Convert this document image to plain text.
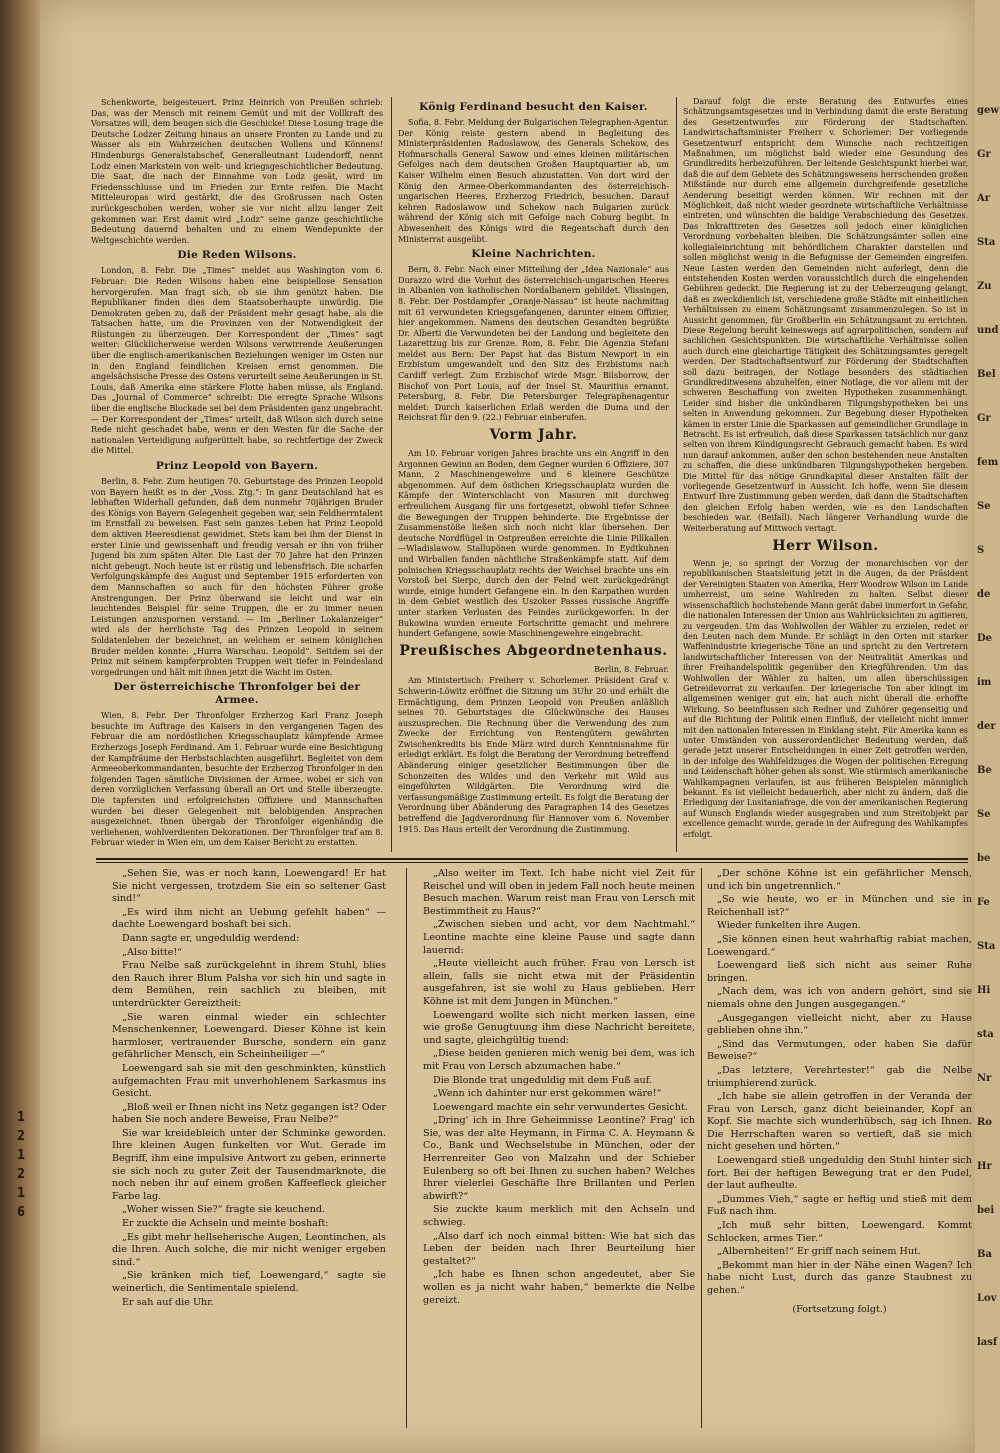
1
2
1
2
1
6

Schenkworte, beigesteuert. Prinz Heinrich von Preußen schrieb: Das, was der Mensch mit reinem Gemüt und mit der Vollkraft des Vorsatzes will, dem beugen sich die Geschicke! Diese Losung trage die Deutsche Lodzer Zeitung hinaus an unsere Fronten zu Lande und zu Wasser als ein Wahrzeichen deutschen Wollens und Könnens! Hindenburgs Generalstabschef, Generalleutnant Ludendorff, nennt Lodz einen Markstein von welt- und kriegsgeschichtlicher Bedeutung. Die Saat, die nach der Einnahme von Lodz gesät, wird im Friedensschlusse und im Frieden zur Ernte reifen. Die Macht Mitteleuropas wird gestärkt, die des Großrussen nach Osten zurückgeschoben werden, woher sie vor nicht allzu langer Zeit gekommen war. Erst damit wird „Lodz“ seine ganze geschichtliche Bedeutung dauernd behalten und zu einem Wendepunkte der Weltgeschichte werden.

Die Reden Wilsons.

London, 8. Febr. Die „Times“ meldet aus Washington vom 6. Februar: Die Reden Wilsons haben eine beispiellose Sensation hervorgerufen. Man fragt sich, ob sie ihm genützt haben. Die Republikaner finden dies dem Staatsoberhaupte unwürdig. Die Demokraten geben zu, daß der Präsident mehr gesagt habe, als die Tatsachen hatte, um die Provinzen von der Notwendigkeit der Rüstungen zu überzeugen. Der Korrespondent der „Times“ sagt weiter: Glücklicherweise werden Wilsons verwirrende Aeußerungen über die englisch-amerikanischen Beziehungen weniger im Osten nur in den England feindlichen Kreisen ernst genommen. Die angelsächsische Presse des Ostens verurteilt seine Aeußerungen in St. Louis, daß Amerika eine stärkere Flotte haben müsse, als England. Das „Journal of Commerce“ schreibt: Die erregte Sprache Wilsons über die englische Blockade sei bei dem Präsidenten ganz ungebracht. — Der Korrespondent der „Times“ urteilt, daß Wilson sich durch seine Rede nicht geschadet habe, wenn er den Westen für die Sache der nationalen Verteidigung aufgerüttelt habe, so rechtfertige der Zweck die Mittel.

Prinz Leopold von Bayern.

Berlin, 8. Febr. Zum heutigen 70. Geburtstage des Prinzen Leopold von Bayern heißt es in der „Voss. Ztg.“: In ganz Deutschland hat es lebhaften Widerhall gefunden, daß dem nunmehr 70jährigen Bruder des Königs von Bayern Gelegenheit gegeben war, sein Feldherrntalent im Ernstfall zu beweisen. Fast sein ganzes Leben hat Prinz Leopold dem aktiven Heeresdienst gewidmet. Stets kam bei ihm der Dienst in erster Linie und gewissenhaft und freudig versah er ihn von früher Jugend bis zum späten Alter. Die Last der 70 Jahre hat den Prinzen nicht gebeugt. Noch heute ist er rüstig und lebensfrisch. Die scharfen Verfolgungskämpfe des August und September 1915 erforderten von dem Mannschaften so auch für den höchsten Führer große Anstrengungen. Der Prinz überwand sie leicht und war ein leuchtendes Beispiel für seine Truppen, die er zu immer neuen Leistungen anzuspornen verstand. — Im „Berliner Lokalanzeiger“ wird als der herrlichste Tag des Prinzen Leopold in seinem Soldatenleben der bezeichnet, an welchem er seinem königlichen Bruder melden konnte: „Hurra Warschau. Leopold“. Seitdem sei der Prinz mit seinem kampferprobten Truppen weit tiefer in Feindesland vorgedrungen und hält mit ihnen jetzt die Wacht im Osten.

Der österreichische Thronfolger bei der Armee.

Wien, 8. Febr. Der Thronfolger Erzherzog Karl Franz Joseph besuchte im Auftrage des Kaisers in den vergangenen Tagen des Februar die am nordöstlichen Kriegsschauplatz kämpfende Armee Erzherzogs Joseph Ferdinand. Am 1. Februar wurde eine Besichtigung der Kampfräume der Herbstschlachten ausgeführt. Begleitet von dem Armeeoberkommandanten, besuchte der Erzherzog Thronfolger in den folgenden Tagen sämtliche Divisionen der Armee, wobei er sich von deren vorzüglichen Verfassung überall an Ort und Stelle überzeugte. Die tapfersten und erfolgreichsten Offiziere und Mannschaften wurden bei dieser Gelegenheit mit belobigenden Ansprachen ausgezeichnet. Ihnen übergab der Thronfolger eigenhändig die verliehenen, wohlverdienten Dekorationen. Der Thronfolger traf am 8. Februar wieder in Wien ein, um dem Kaiser Bericht zu erstatten.

König Ferdinand besucht den Kaiser.

Sofia, 8. Febr. Meldung der Bulgarischen Telegraphen-Agentur. Der König reiste gestern abend in Begleitung des Ministerpräsidenten Radoslawow, des Generals Schekow, des Hofmarschalls General Sawow und eines kleinen militärischen Gefolges nach dem deutschen Großen Hauptquartier ab, um Kaiser Wilhelm einen Besuch abzustatten. Von dort wird der König den Armee-Oberkommandanten des österreichisch-ungarischen Heeres, Erzherzog Friedrich, besuchen. Darauf kehren Radoslawow und Schekow nach Bulgarien zurück während der König sich mit Gefolge nach Coburg begibt. In Abwesenheit des Königs wird die Regentschaft durch den Ministerrat ausgeübt.

Kleine Nachrichten.

Bern, 8. Febr. Nach einer Mitteilung der „Idea Nazionale“ aus Durazzo wird die Vorhut des österreichisch-ungarischen Heeres in Albanien von katholischen Nordalbanern gebildet. Vlissingen, 8. Febr. Der Postdampfer „Oranje-Nassau“ ist heute nachmittag mit 61 verwundeten Kriegsgefangenen, darunter einem Offizier, hier angekommen. Namens des deutschen Gesandten begrüßte Dr. Alberti die Verwundeten bei der Landung und begleitete den Lazarettzug bis zur Grenze. Rom, 8. Febr. Die Agenzia Stefani meldet aus Bern: Der Papst hat das Bistum Newport in ein Erzbistum umgewandelt und den Sitz des Erzbistums nach Cardiff verlegt. Zum Erzbischof wirde Msgr. Bilsborrow, der Bischof von Port Louis, auf der Insel St. Mauritius ernannt. Petersburg, 8. Febr. Die Petersburger Telegraphenagentur meldet: Durch kaiserlichen Erlaß werden die Duma und der Reichsrat für den 9. (22.) Februar einberufen.

Vorm Jahr.

Am 10. Februar vorigen Jahres brachte uns ein Angriff in den Argonnen Gewinn an Boden, dem Gegner wurden 6 Offiziere, 307 Mann, 2 Maschinengewehre und 6 kleinere Geschütze abgenommen. Auf dem östlichen Kriegsschauplatz wurden die Kämpfe der Winterschlacht von Masuren mit durchweg erfreulichem Ausgang für uns fortgesetzt, obwohl tiefer Schnee die Bewegungen der Truppen behinderte. Die Ergebnisse der Zusammenstöße ließen sich noch nicht klar übersehen. Der deutsche Nordflügel in Ostpreußen erreichte die Linie Pillkallen—Wladislawow. Stallupönen wurde genommen. In Eydtkuhnen und Wirballen fanden nächtliche Straßenkämpfe statt. Auf dem polnischen Kriegsschauplatz rechts der Weichsel brachte uns ein Vorstoß bei Sierpc, durch den der Feind weit zurückgedrängt wurde, einige hundert Gefangene ein. In den Karpathen wurden in dem Gebiet westlich des Uszoker Passes russische Angriffe unter starken Verlusten des Feindes zurückgeworfen. In der Bukowina wurden erneute Fortschritte gemacht und mehrere hundert Gefangene, sowie Maschinengewehre eingebracht.

Preußisches Abgeordnetenhaus.

Berlin, 8. Februar.

Am Ministertisch: Freiherr v. Schorlemer. Präsident Graf v. Schwerin-Löwitz eröffnet die Sitzung um 3Uhr 20 und erhält die Ermächtigung, dem Prinzen Leopold von Preußen anläßlich seines 70. Geburtstages die Glückwünsche des Hauses auszusprechen. Die Rechnung über die Verwendung des zum Zwecke der Errichtung von Rentengütern gewährten Zwischenkredits bis Ende März wird durch Kenntnisnahme für erledigt erklärt. Es folgt die Beratung der Verordnung betreffend Abänderung einiger gesetzlicher Bestimmungen über die Schonzeiten des Wildes und den Verkehr mit Wild aus eingeführten Wildgärten. Die Verordnung wird die verfassungsmäßige Zustimmung erteilt. Es folgt die Beratung der Verordnung über Abänderung des Paragraphen 14 des Gesetzes betreffend die Jagdverordnung für Hannover vom 6. November 1915. Das Haus erteilt der Verordnung die Zustimmung.

Darauf folgt die erste Beratung des Entwurfes eines Schätzungsamtsgesetzes und in Verbindung damit die erste Beratung des Gesetzentwurfes zur Förderung der Stadtschaften. Landwirtschaftsminister Freiherr v. Schorlemer: Der vorliegende Gesetzentwurf entspricht dem Wunsche nach rechtzeitigen Maßnahmen, um möglichst bald wieder eine Gesundung des Grundkredits herbeizuführen. Der leitende Gesichtspunkt hierbei war, daß die auf dem Gebiete des Schätzungswesens herrschenden großen Mißstände nur durch eine allgemein durchgreifende gesetzliche Aenderung beseitigt werden können. Wir rechnen mit der Möglichkeit, daß nicht wieder geordnete wirtschaftliche Verhältnisse eintreten, und wünschten die baldige Verabschiedung des Gesetzes. Das Inkrafttreten des Gesetzes soll jedoch einer königlichen Verordnung vorbehalten bleiben. Die Schätzungsämter sollen eine kollegialeinrichtung mit behördlichem Charakter darstellen und sollen möglichst wenig in die Befugnisse der Gemeinden eingreifen. Neue Lasten werden den Gemeinden nicht auferlegt, denn die entstehenden Kosten werden voraussichtlich durch die eingehenden Gebühren gedeckt. Die Regierung ist zu der Ueberzeugung gelangt, daß es zweckdienlich ist, verschiedene große Städte mit einheitlichen Verhältnissen zu einem Schätzungsamt zusammenzulegen. So ist in Aussicht genommen, für Großberlin ein Schätzungsamt zu errichten. Diese Regelung beruht keineswegs auf agrarpolitischen, sondern auf sachlichen Gesichtspunkten. Die wirtschaftliche Verhältnisse sollen auch durch eine gleichartige Tätigkeit des Schätzungsamtes geregelt werden. Der Stadtschaftsentwurf zur Förderung der Stadtschaften soll dazu beitragen, der Notlage besonders des städtischen Grundkreditwesens abzuhelfen, einer Notlage, die vor allem mit der schweren Beschaffung von zweiten Hypotheken zusammenhängt. Leider sind bisher die unkündbaren Tilgungshypotheken bei uns selten in Anwendung gekommen. Zur Begebung dieser Hypotheken kämen in erster Linie die Sparkassen auf gemeindlicher Grundlage in Betracht. Es ist erfreulich, daß diese Sparkassen tatsächlich nur ganz selten von ihrem Kündigungsrecht Gebrauch gemacht haben. Es wird nun darauf ankommen, außer den schon bestehenden neue Anstalten zu schaffen, die diese unkündbaren Tilgungshypotheken hergeben. Die Mittel für das nötige Grundkapital dieser Anstalten fällt der vorliegende Gesetzentwurf in Aussicht. Ich hoffe, wenn Sie diesem Entwurf Ihre Zustimmung geben werden, daß dann die Stadtschaften den gleichen Erfolg haben werden, wie es den Landschaften beschieden war. (Beifall). Nach längerer Verhandlung wurde die Weiterberatung auf Mittwoch vertagt.

Herr Wilson.

Wenn je, so springt der Vorzug der monarchischen vor der republikanischen Staatsleitung jetzt in die Augen, da der Präsident der Vereinigten Staaten von Amerika, Herr Woodrow Wilson im Lande umherreist, um seine Wahlreden zu halten. Selbst dieser wissenschaftlich hochstehende Mann gerät dabei immerfort in Gefahr, die nationalen Interessen der Union aus Wahlrücksichten zu agitieren, zu vergeuden. Um das Wohlwollen der Wähler zu erzielen, redet er den Leuten nach dem Munde. Er schlägt in den Orten mit starker Waffenindustrie kriegerische Töne an und spricht zu den Vertretern landwirtschaftlicher Interessen von der Neutralität Amerikas und ihrer Freihandelspolitik gegenüber den Kriegführenden. Um das Wohlwollen der Wähler zu halten, um allen überschüssigen Getreidevorrat zu verkaufen. Der kriegerische Ton aber klingt im allgemeinen weniger gut ein, hat auch nicht überall die erhoffte Wirkung. So beeinflussen sich Redner und Zuhörer gegenseitig und auf die Richtung der Politik einen Einfluß, der vielleicht nicht immer mit den nationalen Interessen in Einklang steht. Für Amerika kann es unter Umständen von ausserordentlicher Bedeutung werden, daß gerade jetzt unserer Entscheidungen in einer Zeit getroffen werden, in der infolge des Wahlfeldzuges die Wogen der politischen Erregung und Leidenschaft höher gehen als sonst. Wie stürmisch amerikanische Wahlkampagnen verlaufen, ist aus früheren Beispielen männiglich bekannt. Es ist vielleicht bedauerlich, aber nicht zu ändern, daß die Erledigung der Lusitaniafrage, die von der amerikanischen Regierung auf Wunsch Englands wieder ausgegraben und zum Streitobjekt par excellence gemacht wurde, gerade in der Aufregung des Wahlkampfes erfolgt.

„Sehen Sie, was er noch kann, Loewengard! Er hat Sie nicht vergessen, trotzdem Sie ein so seltener Gast sind!“

„Es wird ihm nicht an Uebung gefehlt haben“ — dachte Loewengard boshaft bei sich.

Dann sagte er, ungeduldig werdend:

„Also bitte!“

Frau Nelbe saß zurückgelehnt in ihrem Stuhl, blies den Rauch ihrer Blum Palsha vor sich hin und sagte in dem Bemühen, rein sachlich zu bleiben, mit unterdrückter Gereiztheit:

„Sie waren einmal wieder ein schlechter Menschenkenner, Loewengard. Dieser Köhne ist kein harmloser, vertrauender Bursche, sondern ein ganz gefährlicher Mensch, ein Scheinheiliger —“

Loewengard sah sie mit den geschminkten, künstlich aufgemachten Frau mit unverhohlenem Sarkasmus ins Gesicht.

„Bloß weil er Ihnen nicht ins Netz gegangen ist? Oder haben Sie noch andere Beweise, Frau Nelbe?“

Sie war kreidebleich unter der Schminke geworden. Ihre kleinen Augen funkelten vor Wut. Gerade im Begriff, ihm eine impulsive Antwort zu geben, erinnerte sie sich noch zu guter Zeit der Tausendmarknote, die noch neben ihr auf einem großen Kaffeefleck gleicher Farbe lag.

„Woher wissen Sie?“ fragte sie keuchend.

Er zuckte die Achseln und meinte boshaft:

„Es gibt mehr hellseherische Augen, Leontinchen, als die Ihren. Auch solche, die mir nicht weniger ergeben sind.“

„Sie kränken mich tief, Loewengard,“ sagte sie weinerlich, die Sentimentale spielend.

Er sah auf die Uhr.

„Also weiter im Text. Ich habe nicht viel Zeit für Reischel und will oben in jedem Fall noch heute meinen Besuch machen. Warum reist man Frau von Lersch mit Bestimmtheit zu Haus?“

„Zwischen sieben und acht, vor dem Nachtmahl.“ Leontine machte eine kleine Pause und sagte dann lauernd:

„Heute vielleicht auch früher. Frau von Lersch ist allein, falls sie nicht etwa mit der Präsidentin ausgefahren, ist sie wohl zu Haus geblieben. Herr Köhne ist mit dem Jungen in München.“

Loewengard wollte sich nicht merken lassen, eine wie große Genugtuung ihm diese Nachricht bereitete, und sagte, gleichgültig tuend:

„Diese beiden genieren mich wenig bei dem, was ich mit Frau von Lersch abzumachen habe.“

Die Blonde trat ungeduldig mit dem Fuß auf.

„Wenn ich dahinter nur erst gekommen wäre!“

Loewengard machte ein sehr verwundertes Gesicht.

„Dring' ich in Ihre Geheimnisse Leontine? Frag' ich Sie, was der alte Heymann, in Firma C. A. Heymann & Co., Bank und Wechselstube in München, oder der Herrenreiter Geo von Malzahn und der Schieber Eulenberg so oft bei Ihnen zu suchen haben? Welches Ihrer vielerlei Geschäfte Ihre Brillanten und Perlen abwirft?“

Sie zuckte kaum merklich mit den Achseln und schwieg.

„Also darf ich noch einmal bitten: Wie hat sich das Leben der beiden nach Ihrer Beurteilung hier gestaltet?“

„Ich habe es Ihnen schon angedeutet, aber Sie wollen es ja nicht wahr haben,“ bemerkte die Nelbe gereizt.

„Der schöne Köhne ist ein gefährlicher Mensch, und ich bin ungetrennlich.“

„So wie heute, wo er in München und sie in Reichenhall ist?“

Wieder funkelten ihre Augen.

„Sie können einen heut wahrhaftig rabiat machen, Loewengard.“

Loewengard ließ sich nicht aus seiner Ruhe bringen.

„Nach dem, was ich von andern gehört, sind sie niemals ohne den Jungen ausgegangen.“

„Ausgegangen vielleicht nicht, aber zu Hause geblieben ohne ihn.“

„Sind das Vermutungen, oder haben Sie dafür Beweise?“

„Das letztere, Verehrtester!“ gab die Nelbe triumphierend zurück.

„Ich habe sie allein getroffen in der Veranda der Frau von Lersch, ganz dicht beieinander, Kopf an Kopf. Sie machte sich wunderhübsch, sag ich Ihnen. Die Herrschaften waren so vertieft, daß sie mich nicht gesehen und hörten.“

Loewengard stieß ungeduldig den Stuhl hinter sich fort. Bei der heftigen Bewegung trat er den Pudel, der laut aufheulte.

„Dummes Vieh,“ sagte er heftig und stieß mit dem Fuß nach ihm.

„Ich muß sehr bitten, Loewengard. Kommt Schlocken, armes Tier.“

„Albernheiten!“ Er griff nach seinem Hut.

„Bekommt man hier in der Nähe einen Wagen? Ich habe nicht Lust, durch das ganze Staubnest zu gehen.“

(Fortsetzung folgt.)

gew
Gr
Ar
Sta
Zu
und
Bel
Gr
fem
Se
S
de
De
im
der
Be
Se
be
Fe
Sta
Hi
sta
Nr
Ro
Hr
bei
Ba
Lov
lasf
